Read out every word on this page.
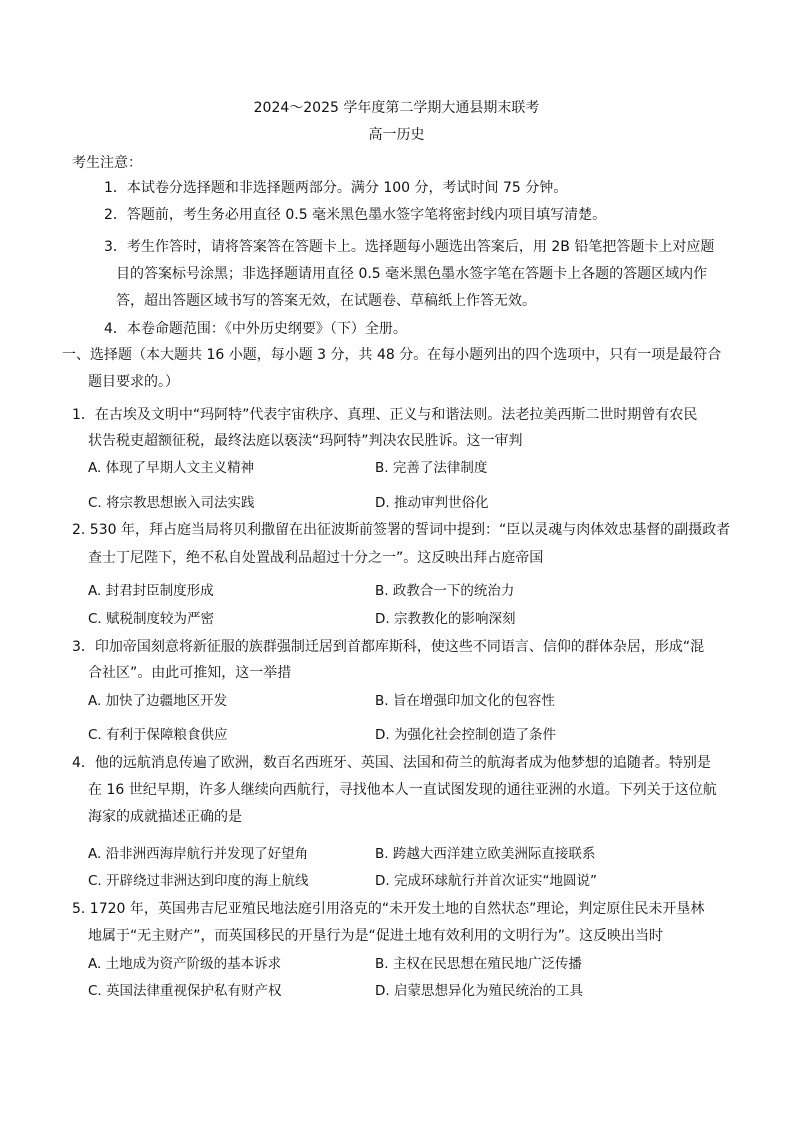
2024～2025 学年度第二学期大通县期末联考
高一历史
考生注意：
1．本试卷分选择题和非选择题两部分。满分 100 分，考试时间 75 分钟。
2．答题前，考生务必用直径 0.5 毫米黑色墨水签字笔将密封线内项目填写清楚。
3．考生作答时，请将答案答在答题卡上。选择题每小题选出答案后，用 2B 铅笔把答题卡上对应题
目的答案标号涂黑；非选择题请用直径 0.5 毫米黑色墨水签字笔在答题卡上各题的答题区域内作
答，超出答题区域书写的答案无效，在试题卷、草稿纸上作答无效。
4．本卷命题范围：《中外历史纲要》（下）全册。
一、选择题（本大题共 16 小题，每小题 3 分，共 48 分。在每小题列出的四个选项中，只有一项是最符合
题目要求的。）
1．在古埃及文明中“玛阿特”代表宇宙秩序、真理、正义与和谐法则。法老拉美西斯二世时期曾有农民
状告税吏超额征税，最终法庭以亵渎“玛阿特”判决农民胜诉。这一审判
A. 体现了早期人文主义精神	B. 完善了法律制度
C. 将宗教思想嵌入司法实践	D. 推动审判世俗化
2. 530 年，拜占庭当局将贝利撒留在出征波斯前签署的誓词中提到：“臣以灵魂与肉体效忠基督的副摄政者
查士丁尼陛下，绝不私自处置战利品超过十分之一”。这反映出拜占庭帝国
A. 封君封臣制度形成	B. 政教合一下的统治力
C. 赋税制度较为严密	D. 宗教教化的影响深刻
3．印加帝国刻意将新征服的族群强制迁居到首都库斯科，使这些不同语言、信仰的群体杂居，形成“混
合社区”。由此可推知，这一举措
A. 加快了边疆地区开发	B. 旨在增强印加文化的包容性
C. 有利于保障粮食供应	D. 为强化社会控制创造了条件
4．他的远航消息传遍了欧洲，数百名西班牙、英国、法国和荷兰的航海者成为他梦想的追随者。特别是
在 16 世纪早期，许多人继续向西航行，寻找他本人一直试图发现的通往亚洲的水道。下列关于这位航
海家的成就描述正确的是
A. 沿非洲西海岸航行并发现了好望角	B. 跨越大西洋建立欧美洲际直接联系
C. 开辟绕过非洲达到印度的海上航线	D. 完成环球航行并首次证实“地圆说”
5. 1720 年，英国弗吉尼亚殖民地法庭引用洛克的“未开发土地的自然状态”理论，判定原住民未开垦林
地属于“无主财产”，而英国移民的开垦行为是“促进土地有效利用的文明行为”。这反映出当时
A. 土地成为资产阶级的基本诉求	B. 主权在民思想在殖民地广泛传播
C. 英国法律重视保护私有财产权	D. 启蒙思想异化为殖民统治的工具
